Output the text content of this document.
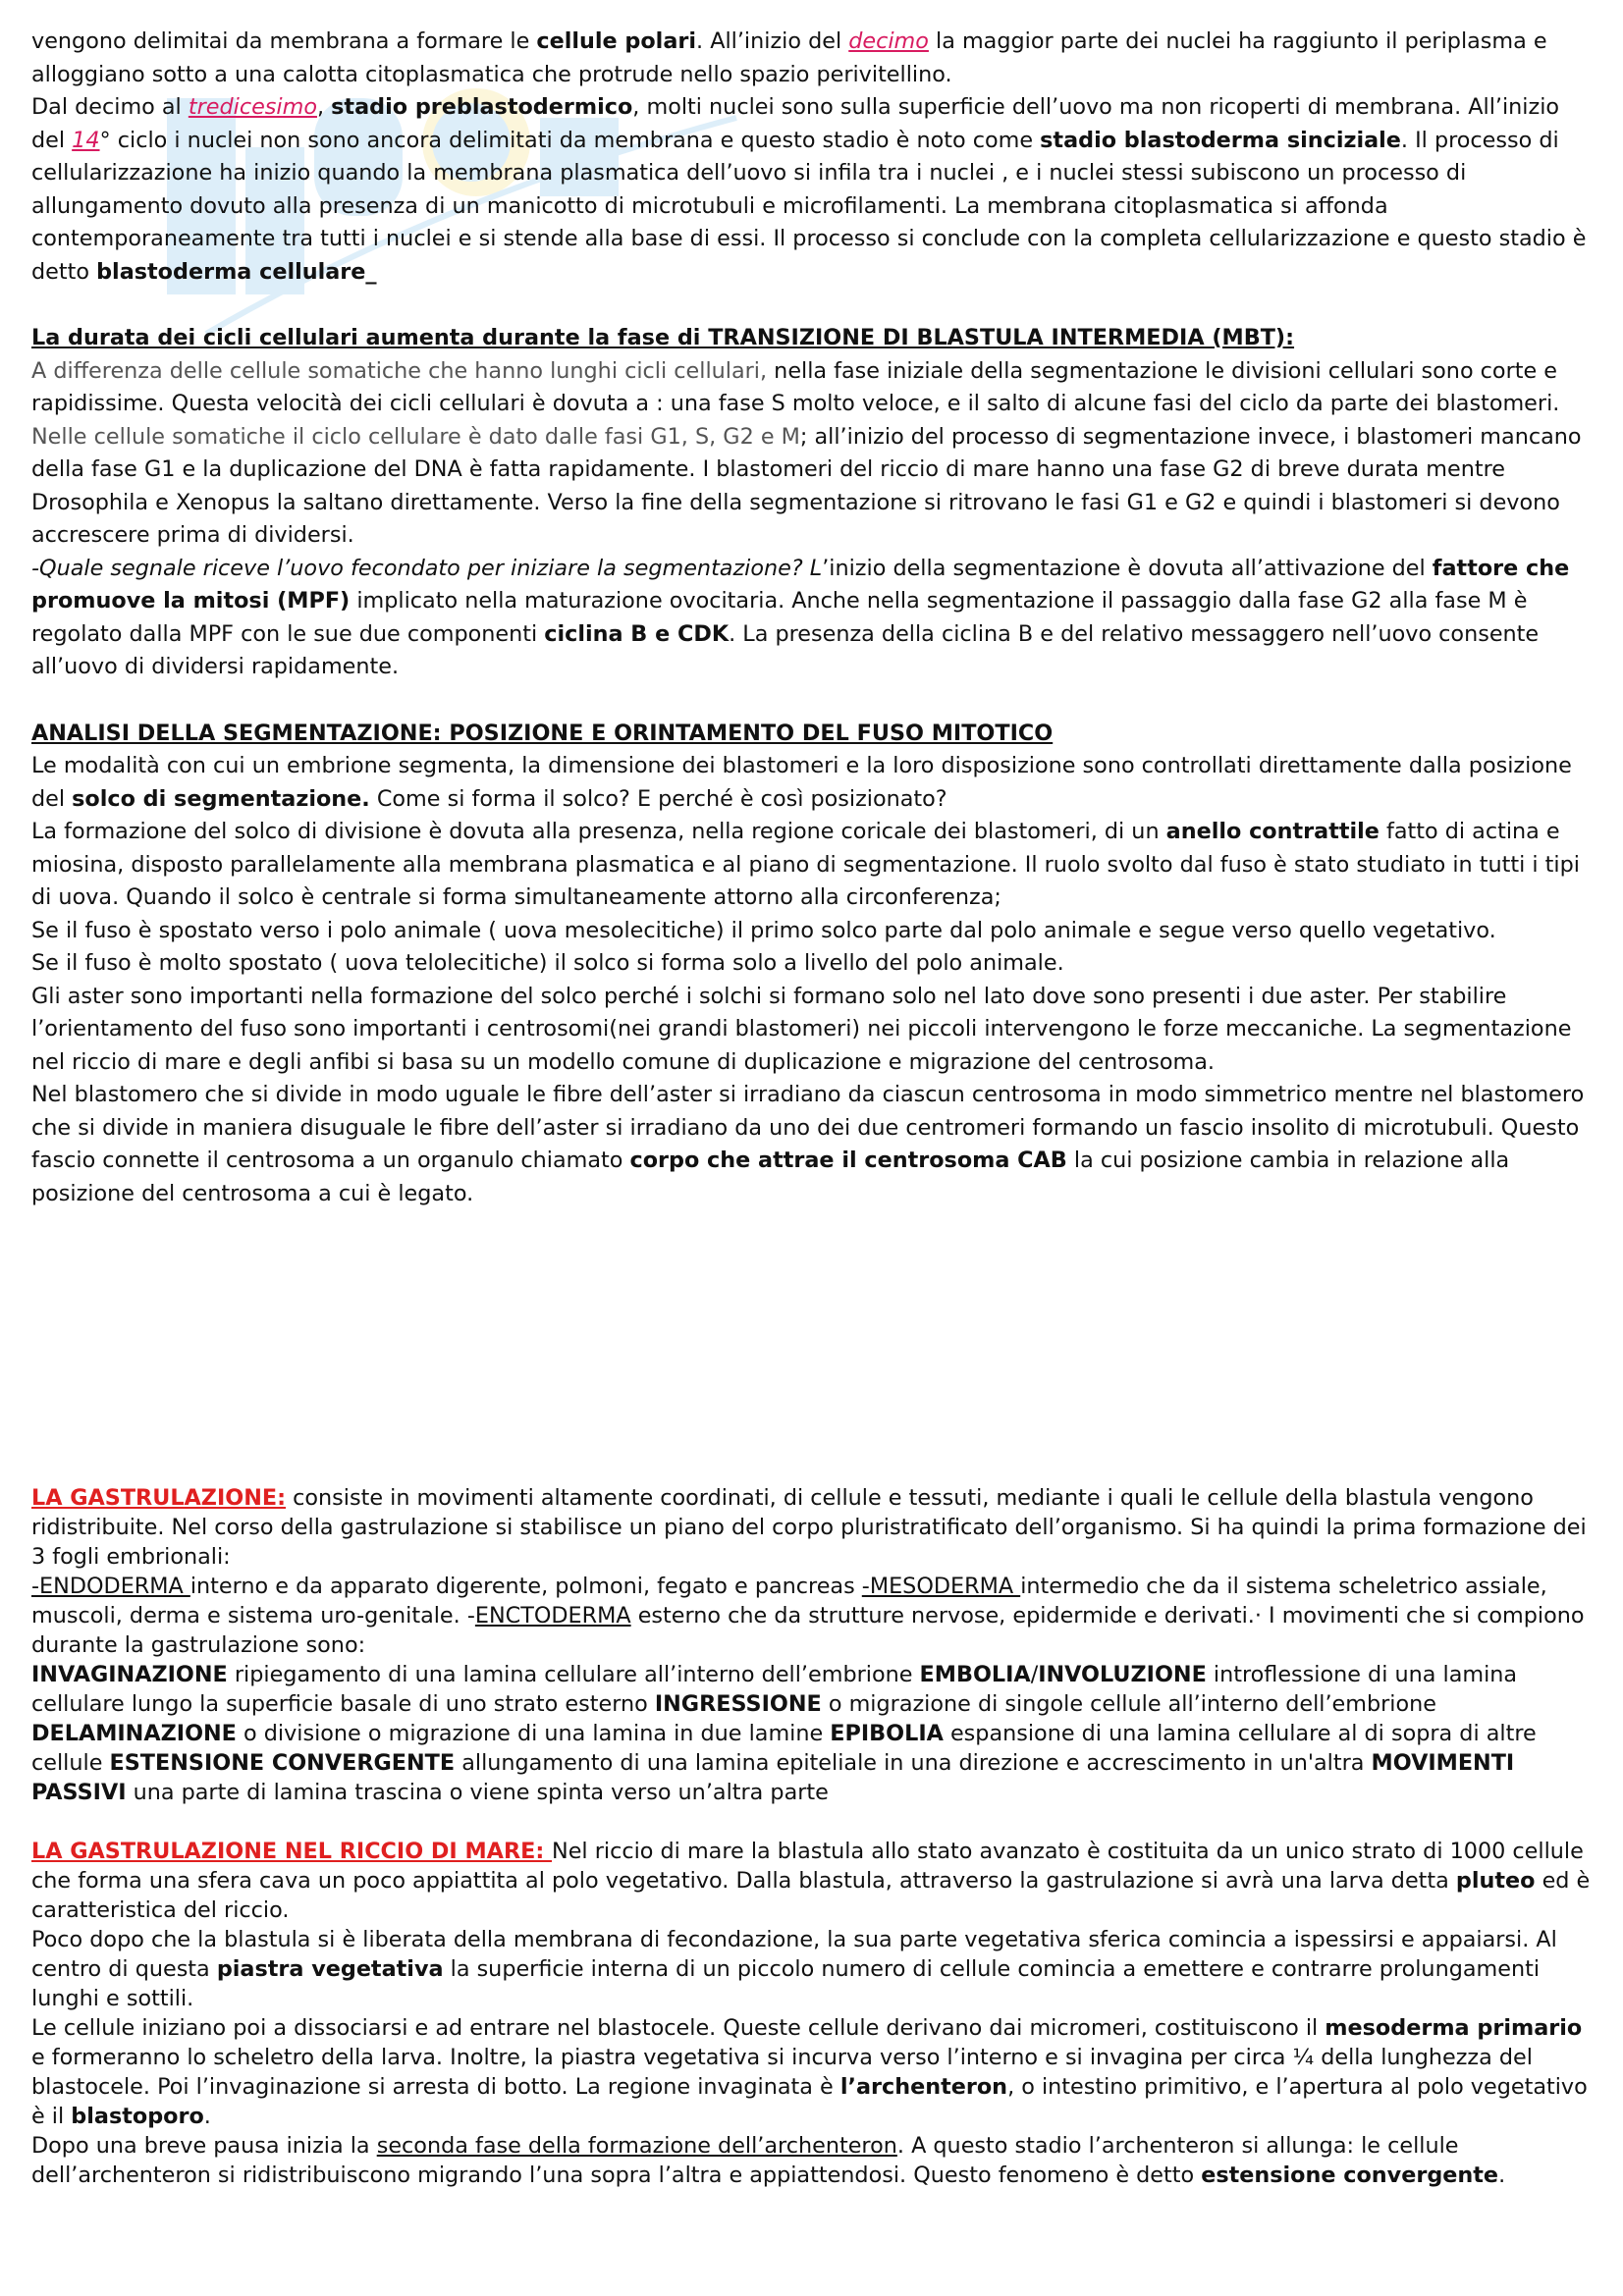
vengono delimitai da membrana a formare le cellule polari. All’inizio del decimo la maggior parte dei nuclei ha raggiunto il periplasma e alloggiano sotto a una calotta citoplasmatica che protrude nello spazio perivitellino.

Dal decimo al tredicesimo, stadio preblastodermico, molti nuclei sono sulla superficie dell’uovo ma non ricoperti di membrana. All’inizio del 14° ciclo i nuclei non sono ancora delimitati da membrana e questo stadio è noto come stadio blastoderma sinciziale. Il processo di cellularizzazione ha inizio quando la membrana plasmatica dell’uovo si infila tra i nuclei , e i nuclei stessi subiscono un processo di allungamento dovuto alla presenza di un manicotto di microtubuli e microfilamenti. La membrana citoplasmatica si affonda contemporaneamente tra tutti i nuclei e si stende alla base di essi. Il processo si conclude con la completa cellularizzazione e questo stadio è detto blastoderma cellulare_

La durata dei cicli cellulari aumenta durante la fase di TRANSIZIONE DI BLASTULA INTERMEDIA (MBT):

A differenza delle cellule somatiche che hanno lunghi cicli cellulari, nella fase iniziale della segmentazione le divisioni cellulari sono corte e rapidissime. Questa velocità dei cicli cellulari è dovuta a : una fase S molto veloce, e il salto di alcune fasi del ciclo da parte dei blastomeri.

Nelle cellule somatiche il ciclo cellulare è dato dalle fasi G1, S, G2 e M; all’inizio del processo di segmentazione invece, i blastomeri mancano della fase G1 e la duplicazione del DNA è fatta rapidamente. I blastomeri del riccio di mare hanno una fase G2 di breve durata mentre Drosophila e Xenopus la saltano direttamente. Verso la fine della segmentazione si ritrovano le fasi G1 e G2 e quindi i blastomeri si devono accrescere prima di dividersi.

-Quale segnale riceve l’uovo fecondato per iniziare la segmentazione? L’inizio della segmentazione è dovuta all’attivazione del fattore che promuove la mitosi (MPF) implicato nella maturazione ovocitaria. Anche nella segmentazione il passaggio dalla fase G2 alla fase M è regolato dalla MPF con le sue due componenti ciclina B e CDK. La presenza della ciclina B e del relativo messaggero nell’uovo consente all’uovo di dividersi rapidamente.

ANALISI DELLA SEGMENTAZIONE: POSIZIONE E ORINTAMENTO DEL FUSO MITOTICO

Le modalità con cui un embrione segmenta, la dimensione dei blastomeri e la loro disposizione sono controllati direttamente dalla posizione del solco di segmentazione. Come si forma il solco? E perché è così posizionato?

La formazione del solco di divisione è dovuta alla presenza, nella regione coricale dei blastomeri, di un anello contrattile fatto di actina e miosina, disposto parallelamente alla membrana plasmatica e al piano di segmentazione. Il ruolo svolto dal fuso è stato studiato in tutti i tipi di uova. Quando il solco è centrale si forma simultaneamente attorno alla circonferenza;

Se il fuso è spostato verso i polo animale ( uova mesolecitiche) il primo solco parte dal polo animale e segue verso quello vegetativo.

Se il fuso è molto spostato ( uova telolecitiche) il solco si forma solo a livello del polo animale.

Gli aster sono importanti nella formazione del solco perché i solchi si formano solo nel lato dove sono presenti i due aster. Per stabilire l’orientamento del fuso sono importanti i centrosomi(nei grandi blastomeri) nei piccoli intervengono le forze meccaniche. La segmentazione nel riccio di mare e degli anfibi si basa su un modello comune di duplicazione e migrazione del centrosoma.

Nel blastomero che si divide in modo uguale le fibre dell’aster si irradiano da ciascun centrosoma in modo simmetrico mentre nel blastomero che si divide in maniera disuguale le fibre dell’aster si irradiano da uno dei due centromeri formando un fascio insolito di microtubuli. Questo fascio connette il centrosoma a un organulo chiamato corpo che attrae il centrosoma CAB la cui posizione cambia in relazione alla posizione del centrosoma a cui è legato.

LA GASTRULAZIONE: consiste in movimenti altamente coordinati, di cellule e tessuti, mediante i quali le cellule della blastula vengono ridistribuite. Nel corso della gastrulazione si stabilisce un piano del corpo pluristratificato dell’organismo. Si ha quindi la prima formazione dei 3 fogli embrionali:
-ENDODERMA interno e da apparato digerente, polmoni, fegato e pancreas -MESODERMA intermedio che da il sistema scheletrico assiale, muscoli, derma e sistema uro-genitale. -ENCTODERMA esterno che da strutture nervose, epidermide e derivati.· I movimenti che si compiono durante la gastrulazione sono:

INVAGINAZIONE ripiegamento di una lamina cellulare all’interno dell’embrione EMBOLIA/INVOLUZIONE introflessione di una lamina cellulare lungo la superficie basale di uno strato esterno INGRESSIONE o migrazione di singole cellule all’interno dell’embrione DELAMINAZIONE o divisione o migrazione di una lamina in due lamine EPIBOLIA espansione di una lamina cellulare al di sopra di altre cellule ESTENSIONE CONVERGENTE allungamento di una lamina epiteliale in una direzione e accrescimento in un'altra MOVIMENTI PASSIVI una parte di lamina trascina o viene spinta verso un’altra parte

LA GASTRULAZIONE NEL RICCIO DI MARE: Nel riccio di mare la blastula allo stato avanzato è costituita da un unico strato di 1000 cellule che forma una sfera cava un poco appiattita al polo vegetativo. Dalla blastula, attraverso la gastrulazione si avrà una larva detta pluteo ed è caratteristica del riccio.

Poco dopo che la blastula si è liberata della membrana di fecondazione, la sua parte vegetativa sferica comincia a ispessirsi e appaiarsi. Al centro di questa piastra vegetativa la superficie interna di un piccolo numero di cellule comincia a emettere e contrarre prolungamenti lunghi e sottili.

Le cellule iniziano poi a dissociarsi e ad entrare nel blastocele. Queste cellule derivano dai micromeri, costituiscono il mesoderma primario e formeranno lo scheletro della larva. Inoltre, la piastra vegetativa si incurva verso l’interno e si invagina per circa ¼ della lunghezza del blastocele. Poi l’invaginazione si arresta di botto. La regione invaginata è l’archenteron, o intestino primitivo, e l’apertura al polo vegetativo è il blastoporo.

Dopo una breve pausa inizia la seconda fase della formazione dell’archenteron. A questo stadio l’archenteron si allunga: le cellule dell’archenteron si ridistribuiscono migrando l’una sopra l’altra e appiattendosi. Questo fenomeno è detto estensione convergente.
